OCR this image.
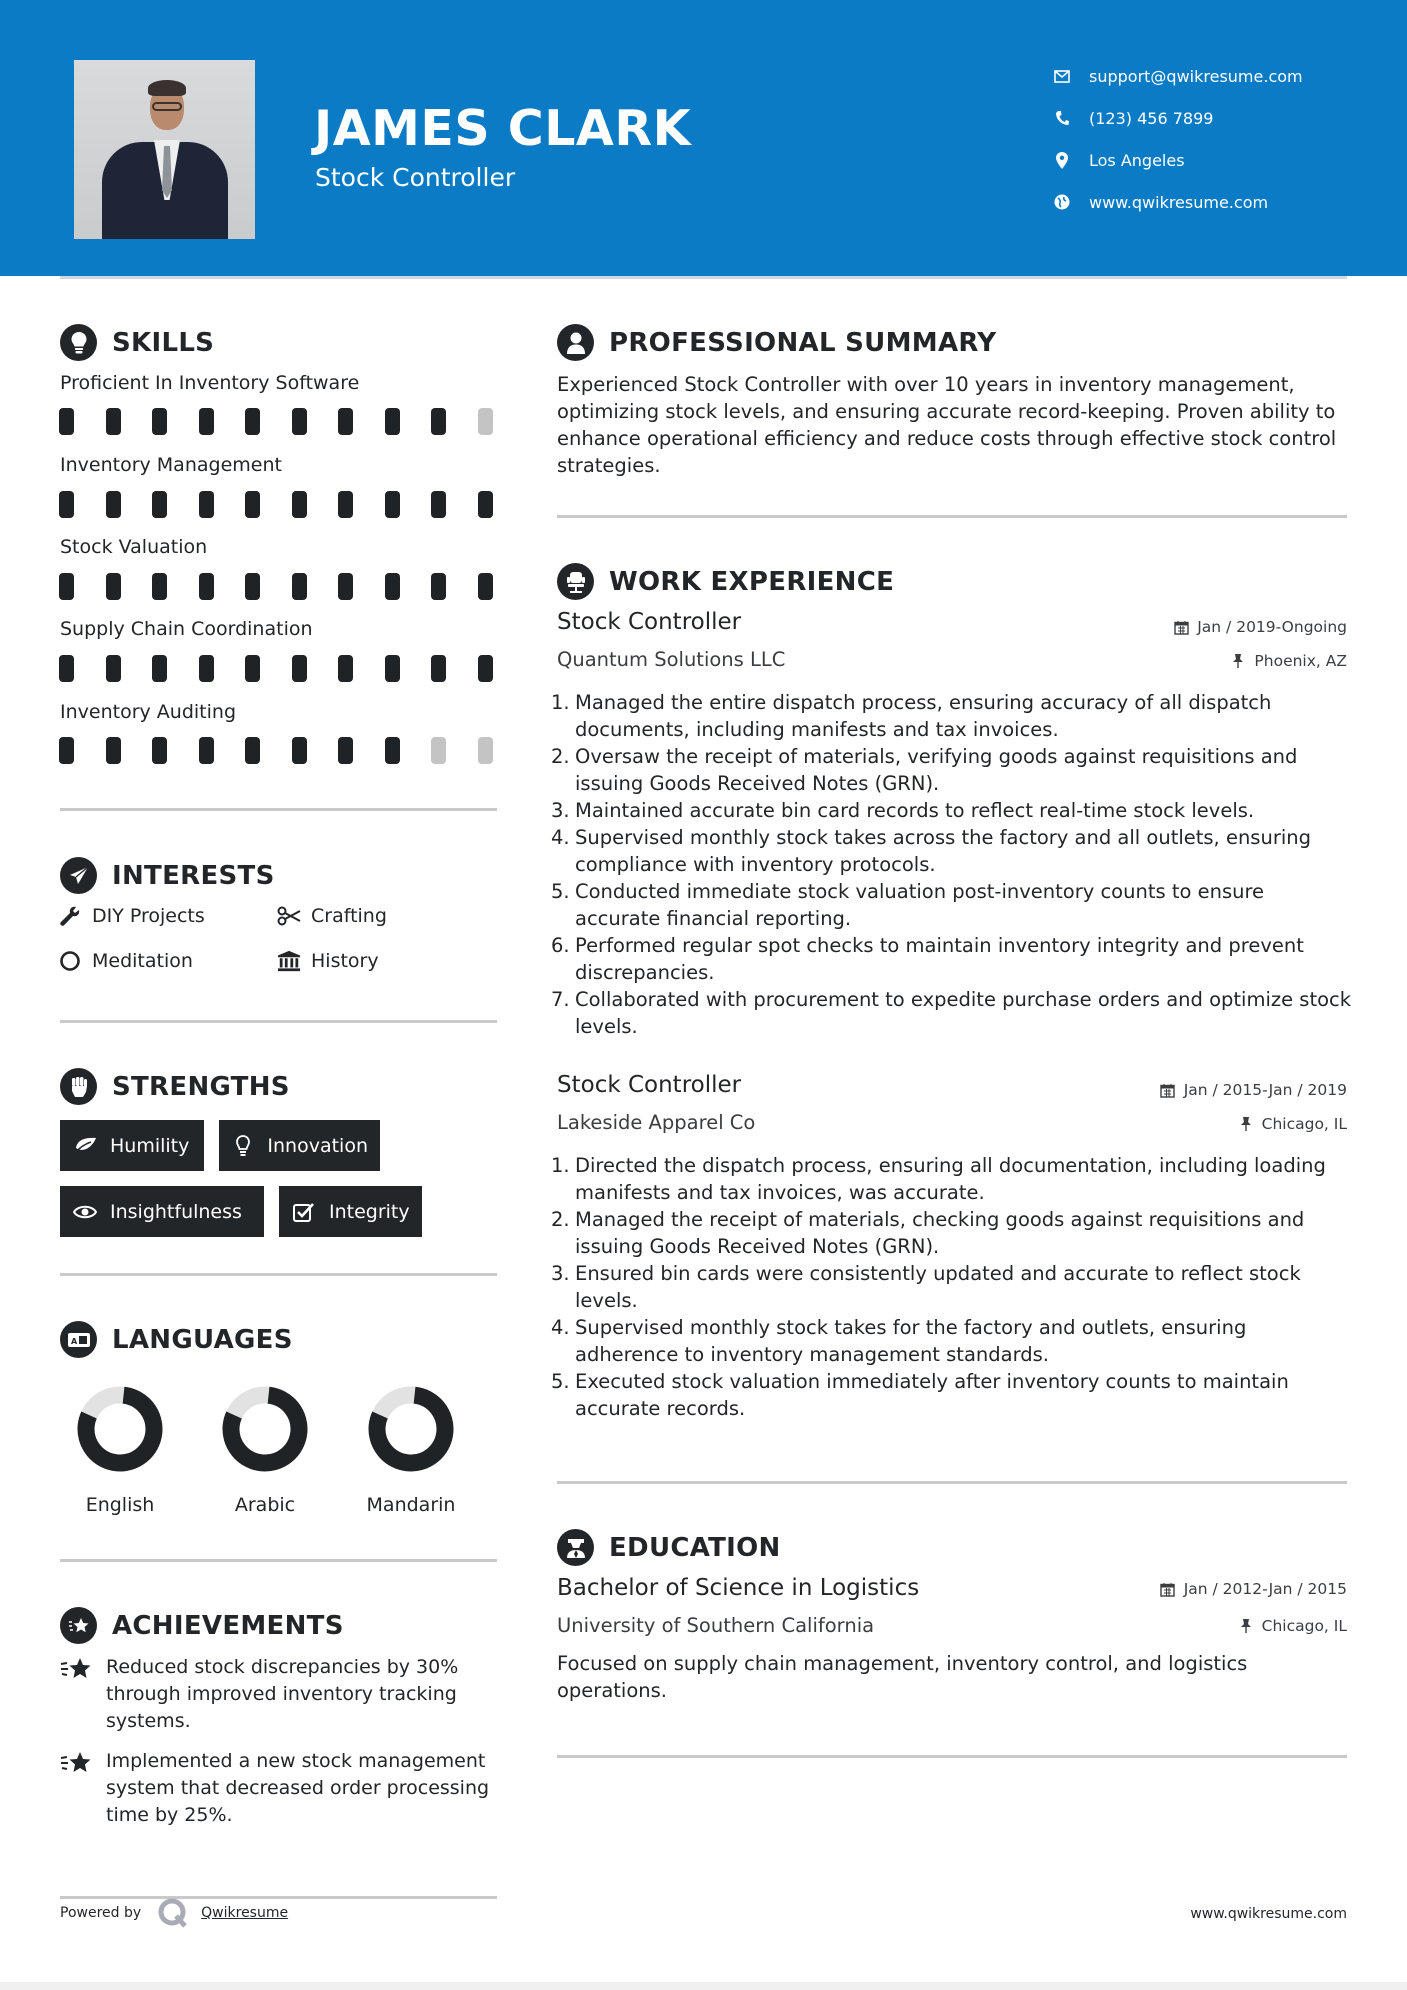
JAMES CLARK
Stock Controller
support@qwikresume.com
(123) 456 7899
Los Angeles
www.qwikresume.com
SKILLS
Proficient In Inventory Software
Inventory Management
Stock Valuation
Supply Chain Coordination
Inventory Auditing
INTERESTS
DIY Projects	Crafting
Meditation	History
STRENGTHS
Humility	Innovation
Insightfulness	Integrity
A LANGUAGES
English	Arabic	Mandarin
ACHIEVEMENTS
Reduced stock discrepancies by 30% through improved inventory tracking systems.
Implemented a new stock management system that decreased order processing time by 25%.
PROFESSIONAL SUMMARY
Experienced Stock Controller with over 10 years in inventory management, optimizing stock levels, and ensuring accurate record-keeping. Proven ability to enhance operational efficiency and reduce costs through effective stock control strategies.
WORK EXPERIENCE
Stock Controller	Jan / 2019-Ongoing
Quantum Solutions LLC	Phoenix, AZ
1. Managed the entire dispatch process, ensuring accuracy of all dispatch documents, including manifests and tax invoices.
2. Oversaw the receipt of materials, verifying goods against requisitions and issuing Goods Received Notes (GRN).
3. Maintained accurate bin card records to reflect real-time stock levels.
4. Supervised monthly stock takes across the factory and all outlets, ensuring compliance with inventory protocols.
5. Conducted immediate stock valuation post-inventory counts to ensure accurate financial reporting.
6. Performed regular spot checks to maintain inventory integrity and prevent discrepancies.
7. Collaborated with procurement to expedite purchase orders and optimize stock levels.
Stock Controller	Jan / 2015-Jan / 2019
Lakeside Apparel Co	Chicago, IL
1. Directed the dispatch process, ensuring all documentation, including loading manifests and tax invoices, was accurate.
2. Managed the receipt of materials, checking goods against requisitions and issuing Goods Received Notes (GRN).
3. Ensured bin cards were consistently updated and accurate to reflect stock levels.
4. Supervised monthly stock takes for the factory and outlets, ensuring adherence to inventory management standards.
5. Executed stock valuation immediately after inventory counts to maintain accurate records.
EDUCATION
Bachelor of Science in Logistics	Jan / 2012-Jan / 2015
University of Southern California	Chicago, IL
Focused on supply chain management, inventory control, and logistics operations.
Powered by	Qwikresume	www.qwikresume.com
